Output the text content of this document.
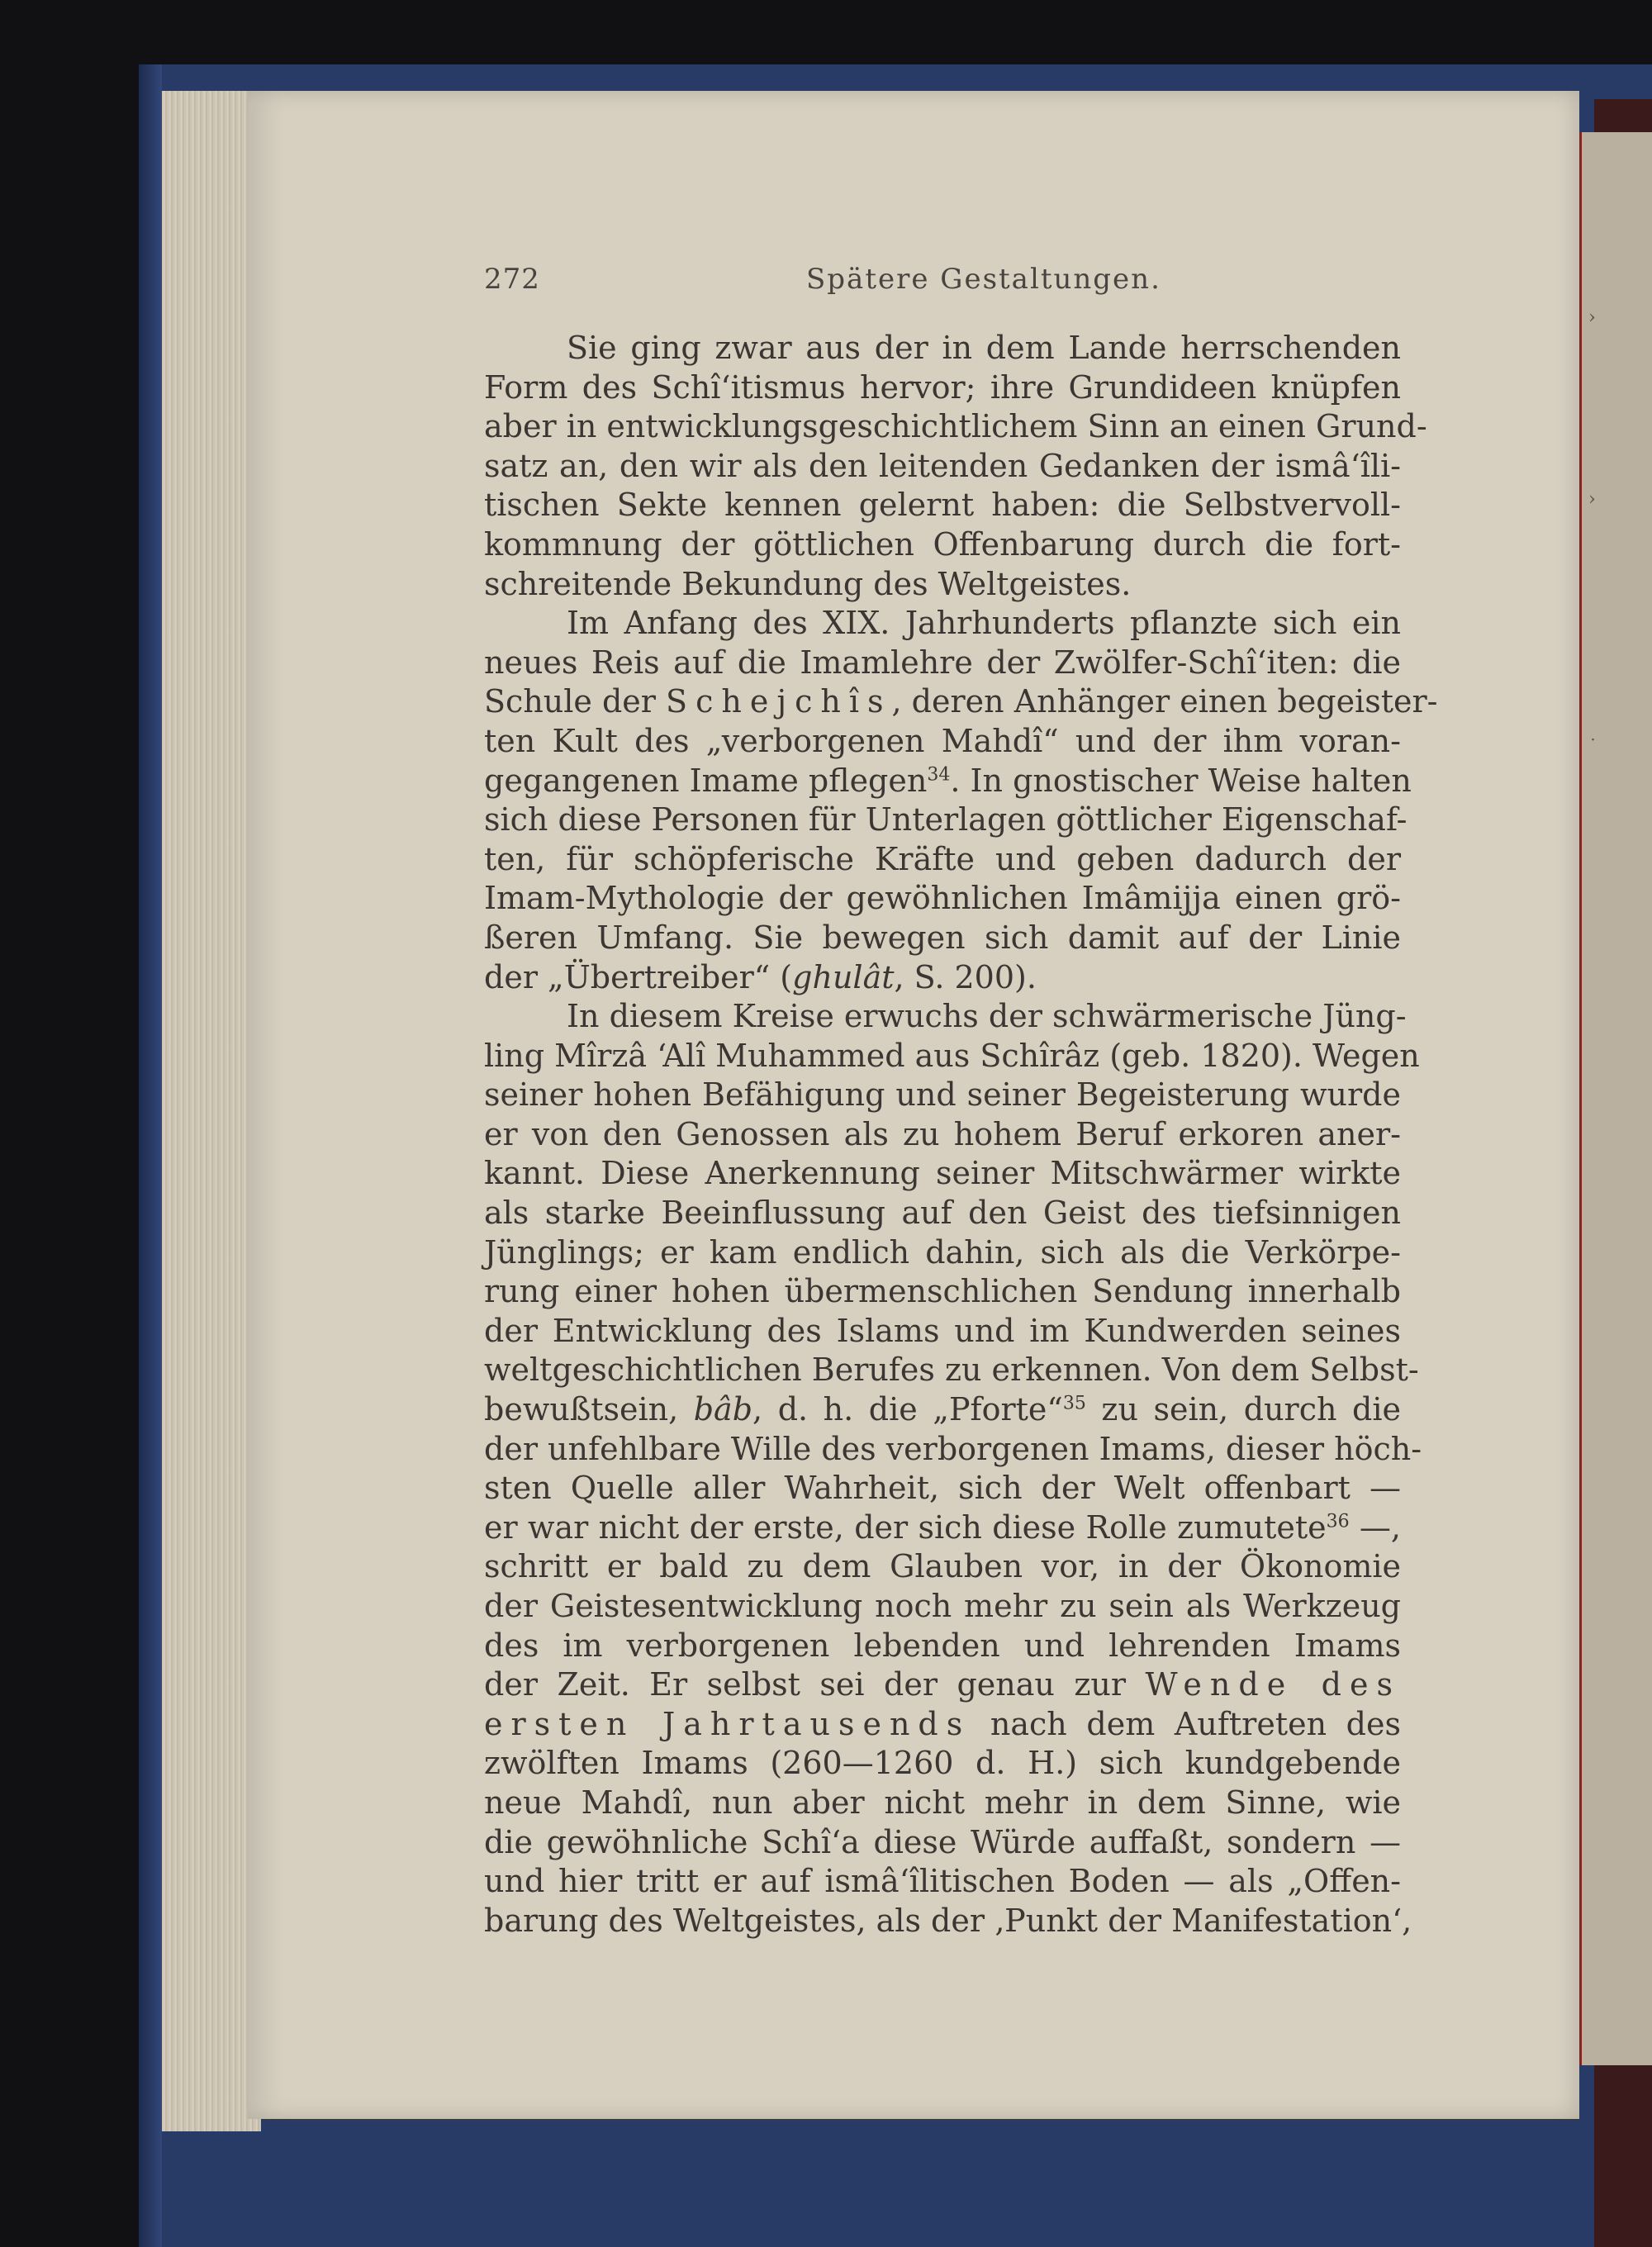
›
›
˙
272	Spätere Gestaltungen.
Sie ging zwar aus der in dem Lande herrschenden
Form des Schî‘itismus hervor; ihre Grundideen knüpfen
aber in entwicklungsgeschichtlichem Sinn an einen Grund-
satz an, den wir als den leitenden Gedanken der ismâ‘îli-
tischen Sekte kennen gelernt haben: die Selbstvervoll-
kommnung der göttlichen Offenbarung durch die fort-
schreitende Bekundung des Weltgeistes.
Im Anfang des XIX. Jahrhunderts pflanzte sich ein
neues Reis auf die Imamlehre der Zwölfer-Schî‘iten: die
Schule der Schejchîs, deren Anhänger einen begeister-
ten Kult des „verborgenen Mahdî“ und der ihm voran-
gegangenen Imame pflegen$^{34}$. In gnostischer Weise halten
sich diese Personen für Unterlagen göttlicher Eigenschaf-
ten, für schöpferische Kräfte und geben dadurch der
Imam-Mythologie der gewöhnlichen Imâmijja einen grö-
ßeren Umfang. Sie bewegen sich damit auf der Linie
der „Übertreiber“ (ghulât, S. 200).
In diesem Kreise erwuchs der schwärmerische Jüng-
ling Mîrzâ ‘Alî Muhammed aus Schîrâz (geb. 1820). Wegen
seiner hohen Befähigung und seiner Begeisterung wurde
er von den Genossen als zu hohem Beruf erkoren aner-
kannt. Diese Anerkennung seiner Mitschwärmer wirkte
als starke Beeinflussung auf den Geist des tiefsinnigen
Jünglings; er kam endlich dahin, sich als die Verkörpe-
rung einer hohen übermenschlichen Sendung innerhalb
der Entwicklung des Islams und im Kundwerden seines
weltgeschichtlichen Berufes zu erkennen. Von dem Selbst-
bewußtsein, bâb, d. h. die „Pforte“$^{35}$ zu sein, durch die
der unfehlbare Wille des verborgenen Imams, dieser höch-
sten Quelle aller Wahrheit, sich der Welt offenbart —
er war nicht der erste, der sich diese Rolle zumutete$^{36}$ —,
schritt er bald zu dem Glauben vor, in der Ökonomie
der Geistesentwicklung noch mehr zu sein als Werkzeug
des im verborgenen lebenden und lehrenden Imams
der Zeit. Er selbst sei der genau zur Wende des
ersten Jahrtausends nach dem Auftreten des
zwölften Imams (260—1260 d. H.) sich kundgebende
neue Mahdî, nun aber nicht mehr in dem Sinne, wie
die gewöhnliche Schî‘a diese Würde auffaßt, sondern —
und hier tritt er auf ismâ‘îlitischen Boden — als „Offen-
barung des Weltgeistes, als der ‚Punkt der Manifestation‘,
